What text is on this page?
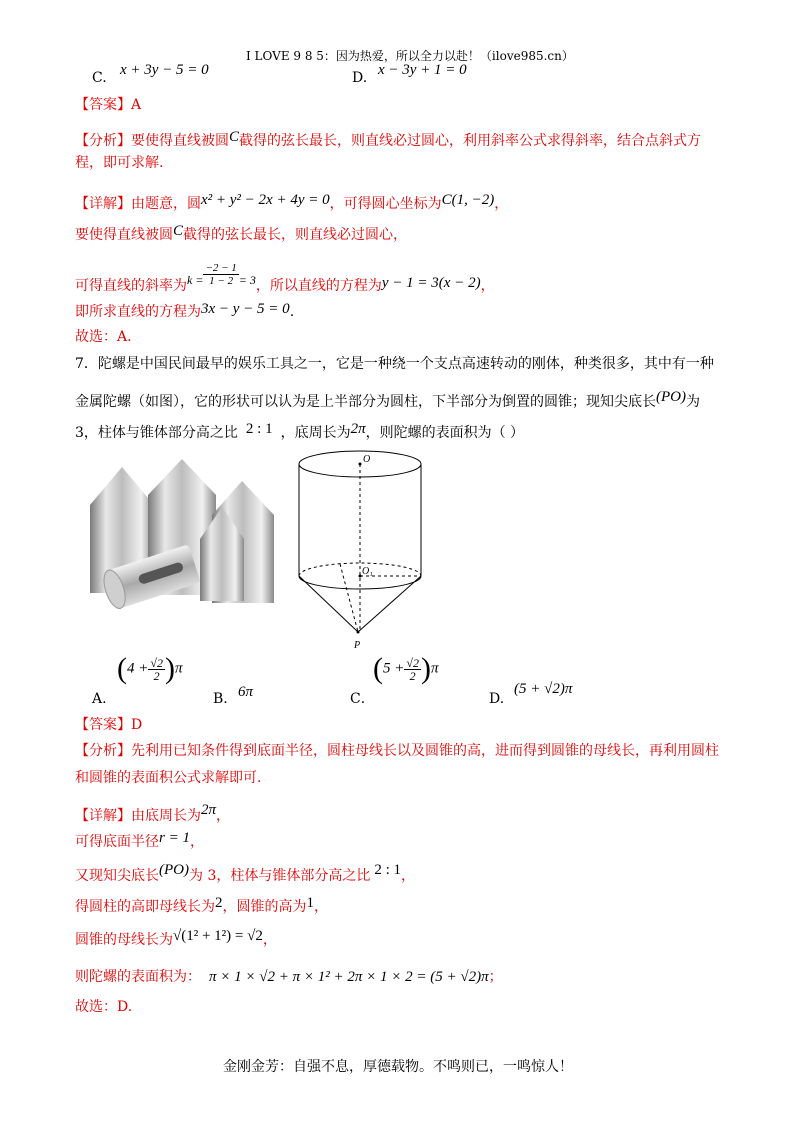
I LOVE 9 8 5：因为热爱，所以全力以赴！（ilove985.cn）
C. x + 3y − 5 = 0	D. x − 3y + 1 = 0
【答案】A
【分析】要使得直线被圆C截得的弦长最长，则直线必过圆心，利用斜率公式求得斜率，结合点斜式方
程，即可求解.
【详解】由题意，圆x² + y² − 2x + 4y = 0，可得圆心坐标为C(1, −2)，
要使得直线被圆C截得的弦长最长，则直线必过圆心，
可得直线的斜率为$k = \frac{-2 - 1}{1 - 2} = 3$，所以直线的方程为y − 1 = 3(x − 2)，
即所求直线的方程为3x − y − 5 = 0.
故选：A.
7．陀螺是中国民间最早的娱乐工具之一，它是一种绕一个支点高速转动的刚体，种类很多，其中有一种
金属陀螺（如图），它的形状可以认为是上半部分为圆柱，下半部分为倒置的圆锥；现知尖底长(PO)为
3，柱体与锥体部分高之比 2 : 1 ，底周长为2π，则陀螺的表面积为（ ）
O
O₁
P
A.
$(4 + \frac{√2}{2} )\pi$
B. 6π	C．
$(5 + \frac{√2}{2} )\pi$
D.
(5 + √2)π
【答案】D
【分析】先利用已知条件得到底面半径，圆柱母线长以及圆锥的高，进而得到圆锥的母线长，再利用圆柱
和圆锥的表面积公式求解即可.
【详解】由底周长为2π，
可得底面半径r = 1，
又现知尖底长(PO)为 3，柱体与锥体部分高之比 2 : 1，
得圆柱的高即母线长为2，圆锥的高为1，
圆锥的母线长为√(1² + 1²) = √2，
则陀螺的表面积为： π × 1 × √2 + π × 1² + 2π × 1 × 2 = (5 + √2)π；
故选：D.
金刚金芳：自强不息，厚德载物。不鸣则已，一鸣惊人！
